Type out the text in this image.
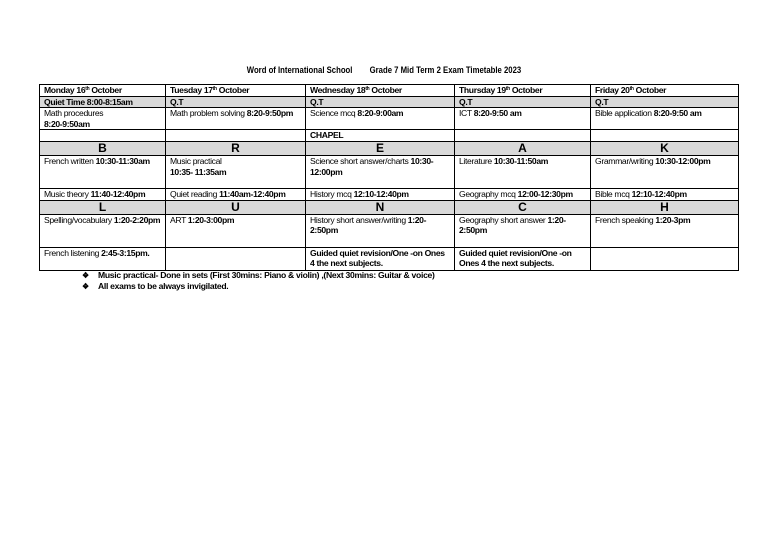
Word of International School Grade 7 Mid Term 2 Exam Timetable 2023
Monday 16th October	Tuesday 17th October	Wednesday 18th October	Thursday 19th October	Friday 20th October
Quiet Time 8:00-8:15am	Q.T	Q.T	Q.T	Q.T
Math procedures
8:20-9:50am	Math problem solving 8:20-9:50pm	Science mcq 8:20-9:00am	ICT 8:20-9:50 am	Bible application 8:20-9:50 am
		CHAPEL		
B	R	E	A	K
French written 10:30-11:30am	Music practical
10:35- 11:35am	Science short answer/charts 10:30-12:00pm	Literature 10:30-11:50am	Grammar/writing 10:30-12:00pm
Music theory 11:40-12:40pm	Quiet reading 11:40am-12:40pm	History mcq 12:10-12:40pm	Geography mcq 12:00-12:30pm	Bible mcq 12:10-12:40pm
L	U	N	C	H
Spelling/vocabulary 1:20-2:20pm	ART 1:20-3:00pm	History short answer/writing 1:20-2:50pm	Geography short answer 1:20-2:50pm	French speaking 1:20-3pm
French listening 2:45-3:15pm.		Guided quiet revision/One -on Ones 4 the next subjects.	Guided quiet revision/One -on Ones 4 the next subjects.	
❖	Music practical- Done in sets (First 30mins: Piano & violin) ,(Next 30mins: Guitar & voice)
❖	All exams to be always invigilated.
